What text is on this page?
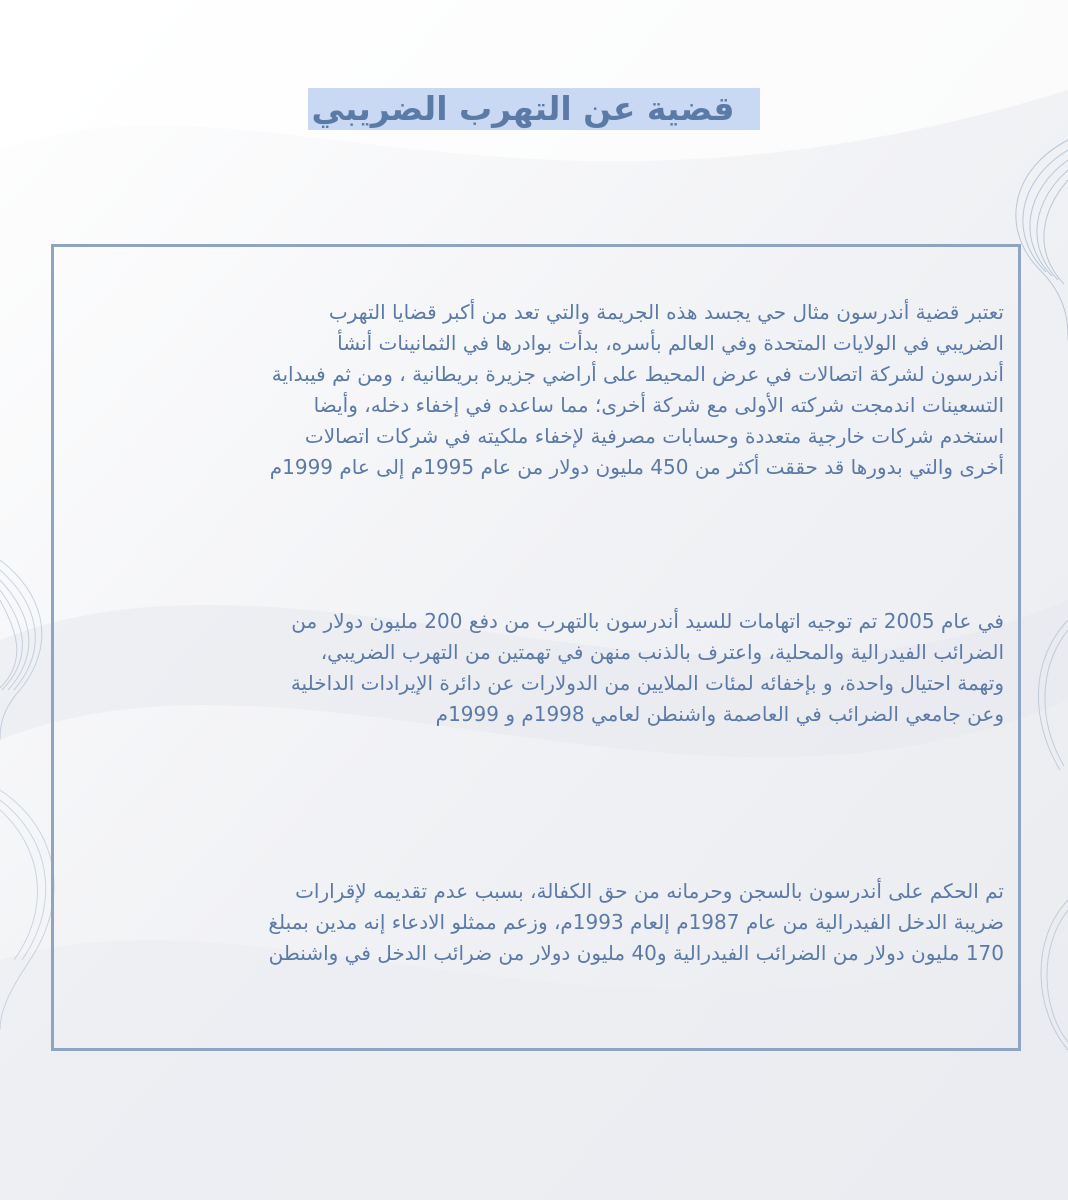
قضية عن التهرب الضريبي

تعتبر قضية أندرسون مثال حي يجسد هذه الجريمة والتي تعد من أكبر قضايا التهرب
الضريبي في الولايات المتحدة وفي العالم بأسره، بدأت بوادرها في الثمانينات أنشأ
أندرسون لشركة اتصالات في عرض المحيط على أراضي جزيرة بريطانية ، ومن ثم فيبداية
التسعينات اندمجت شركته الأولى مع شركة أخرى؛ مما ساعده في إخفاء دخله، وأيضا
استخدم شركات خارجية متعددة وحسابات مصرفية لإخفاء ملكيته في شركات اتصالات
أخرى والتي بدورها قد حققت أكثر من 450 مليون دولار من عام 1995م إلى عام 1999م

في عام 2005 تم توجيه اتهامات للسيد أندرسون بالتهرب من دفع 200 مليون دولار من
الضرائب الفيدرالية والمحلية، واعترف بالذنب منهن في تهمتين من التهرب الضريبي،
وتهمة احتيال واحدة، و بإخفائه لمئات الملايين من الدولارات عن دائرة الإيرادات الداخلية
وعن جامعي الضرائب في العاصمة واشنطن لعامي 1998م و 1999م

تم الحكم على أندرسون بالسجن وحرمانه من حق الكفالة، بسبب عدم تقديمه لإقرارات
ضريبة الدخل الفيدرالية من عام 1987م إلعام 1993م، وزعم ممثلو الادعاء إنه مدين بمبلغ
170 مليون دولار من الضرائب الفيدرالية و40 مليون دولار من ضرائب الدخل في واشنطن
